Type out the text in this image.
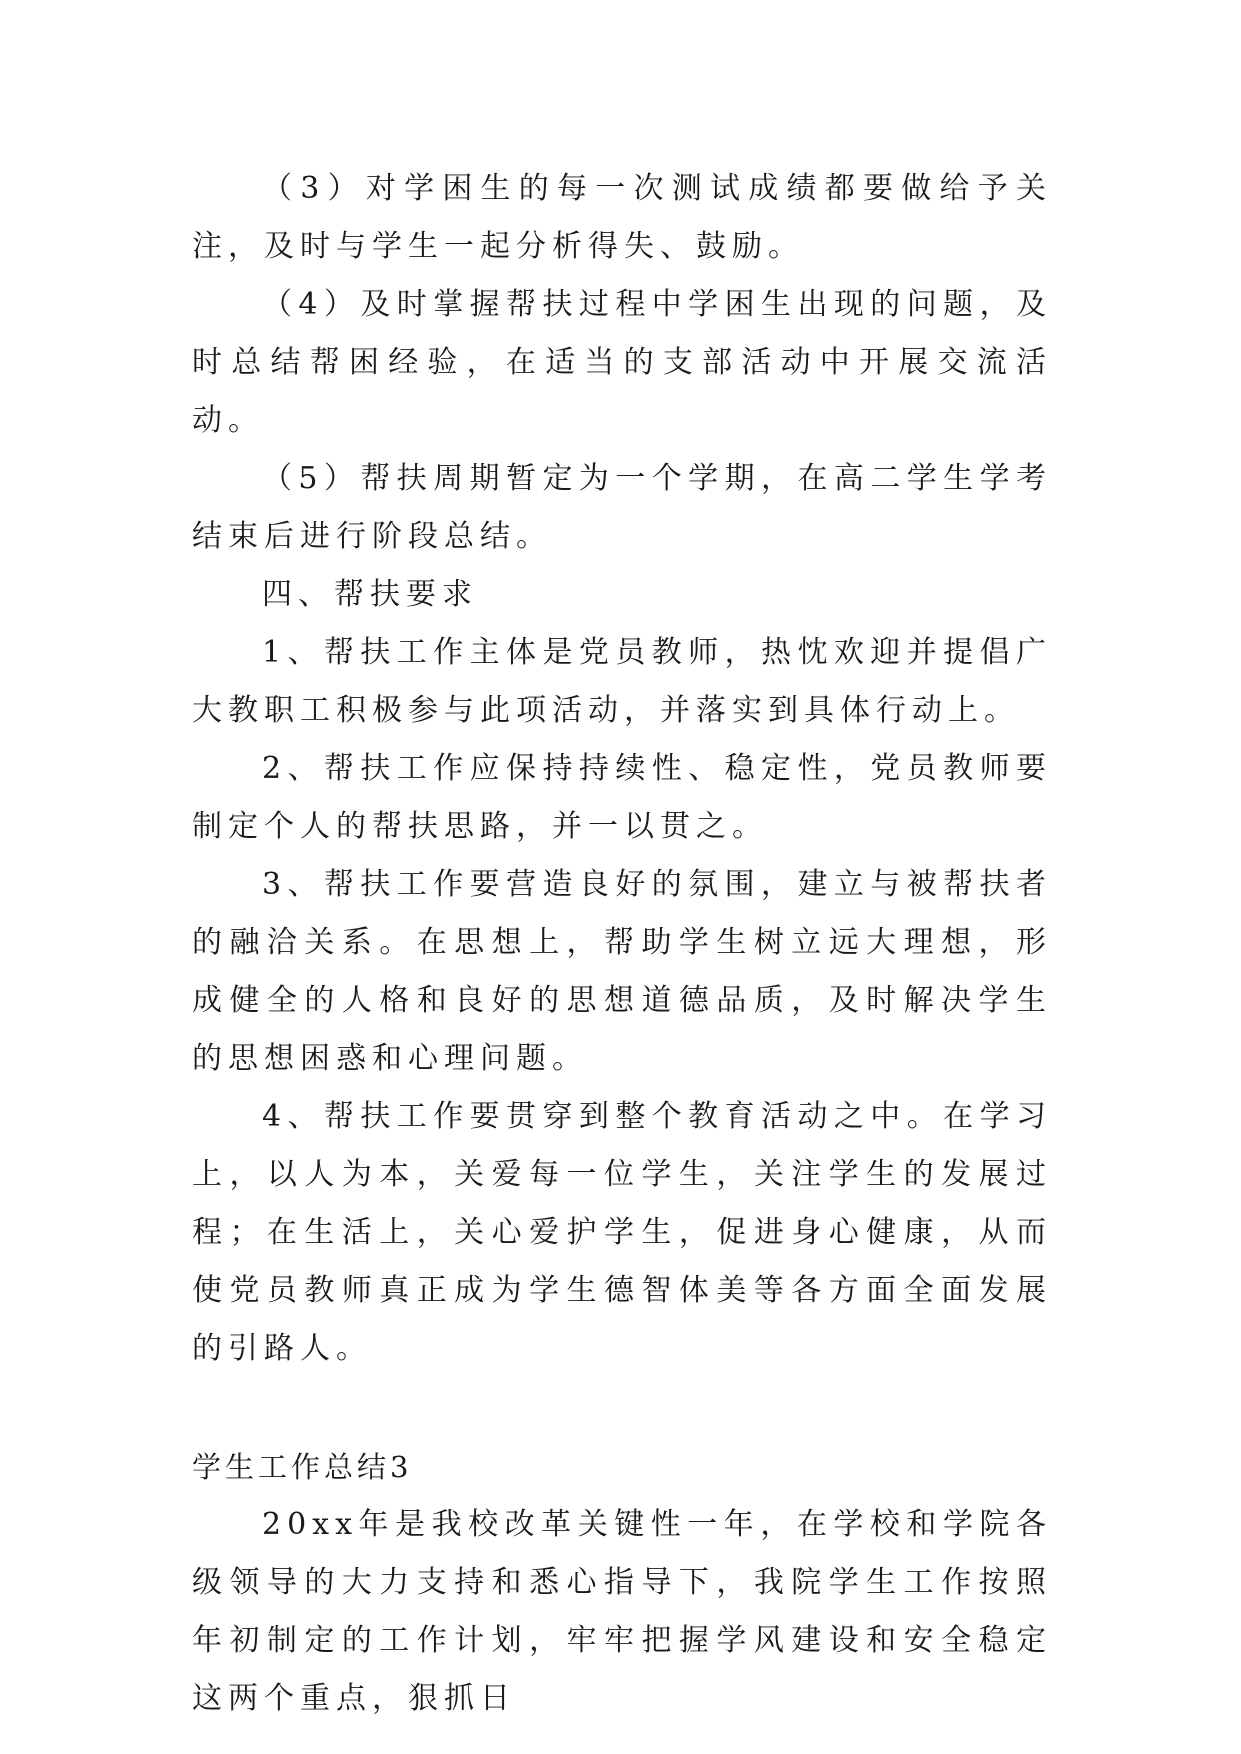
（3）对学困生的每一次测试成绩都要做给予关注，及时与学生一起分析得失、鼓励。

（4）及时掌握帮扶过程中学困生出现的问题，及时总结帮困经验，在适当的支部活动中开展交流活动。

（5）帮扶周期暂定为一个学期，在高二学生学考结束后进行阶段总结。

四、帮扶要求

1、帮扶工作主体是党员教师，热忱欢迎并提倡广大教职工积极参与此项活动，并落实到具体行动上。

2、帮扶工作应保持持续性、稳定性，党员教师要制定个人的帮扶思路，并一以贯之。

3、帮扶工作要营造良好的氛围，建立与被帮扶者的融洽关系。在思想上，帮助学生树立远大理想，形成健全的人格和良好的思想道德品质，及时解决学生的思想困惑和心理问题。

4、帮扶工作要贯穿到整个教育活动之中。在学习上，以人为本，关爱每一位学生，关注学生的发展过程；在生活上，关心爱护学生，促进身心健康，从而使党员教师真正成为学生德智体美等各方面全面发展的引路人。

学生工作总结3

20xx年是我校改革关键性一年，在学校和学院各级领导的大力支持和悉心指导下，我院学生工作按照年初制定的工作计划，牢牢把握学风建设和安全稳定这两个重点，狠抓日
